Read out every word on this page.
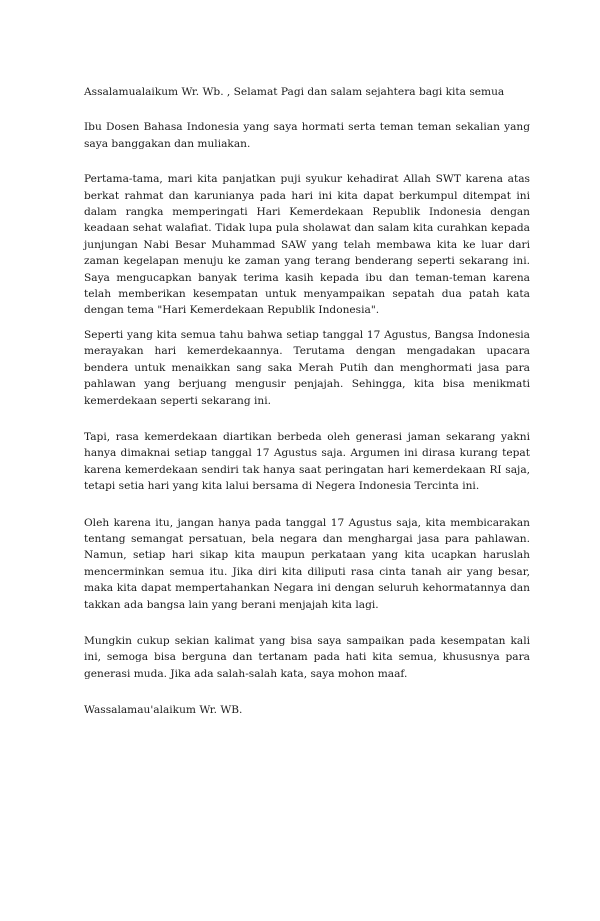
Assalamualaikum Wr. Wb. , Selamat Pagi dan salam sejahtera bagi kita semua

Ibu Dosen Bahasa Indonesia yang saya hormati serta teman teman sekalian yang saya banggakan dan muliakan.

Pertama-tama, mari kita panjatkan puji syukur kehadirat Allah SWT karena atas berkat rahmat dan karunianya pada hari ini kita dapat berkumpul ditempat ini dalam rangka memperingati Hari Kemerdekaan Republik Indonesia dengan keadaan sehat walafiat. Tidak lupa pula sholawat dan salam kita curahkan kepada junjungan Nabi Besar Muhammad SAW yang telah membawa kita ke luar dari zaman kegelapan menuju ke zaman yang terang benderang seperti sekarang ini. Saya mengucapkan banyak terima kasih kepada ibu dan teman-teman karena telah memberikan kesempatan untuk menyampaikan sepatah dua patah kata dengan tema "Hari Kemerdekaan Republik Indonesia".

Seperti yang kita semua tahu bahwa setiap tanggal 17 Agustus, Bangsa Indonesia merayakan hari kemerdekaannya. Terutama dengan mengadakan upacara bendera untuk menaikkan sang saka Merah Putih dan menghormati jasa para pahlawan yang berjuang mengusir penjajah. Sehingga, kita bisa menikmati kemerdekaan seperti sekarang ini.

Tapi, rasa kemerdekaan diartikan berbeda oleh generasi jaman sekarang yakni hanya dimaknai setiap tanggal 17 Agustus saja. Argumen ini dirasa kurang tepat karena kemerdekaan sendiri tak hanya saat peringatan hari kemerdekaan RI saja, tetapi setia hari yang kita lalui bersama di Negera Indonesia Tercinta ini.

Oleh karena itu, jangan hanya pada tanggal 17 Agustus saja, kita membicarakan tentang semangat persatuan, bela negara dan menghargai jasa para pahlawan. Namun, setiap hari sikap kita maupun perkataan yang kita ucapkan haruslah mencerminkan semua itu. Jika diri kita diliputi rasa cinta tanah air yang besar, maka kita dapat mempertahankan Negara ini dengan seluruh kehormatannya dan takkan ada bangsa lain yang berani menjajah kita lagi.

Mungkin cukup sekian kalimat yang bisa saya sampaikan pada kesempatan kali ini, semoga bisa berguna dan tertanam pada hati kita semua, khususnya para generasi muda. Jika ada salah-salah kata, saya mohon maaf.

Wassalamau'alaikum Wr. WB.
